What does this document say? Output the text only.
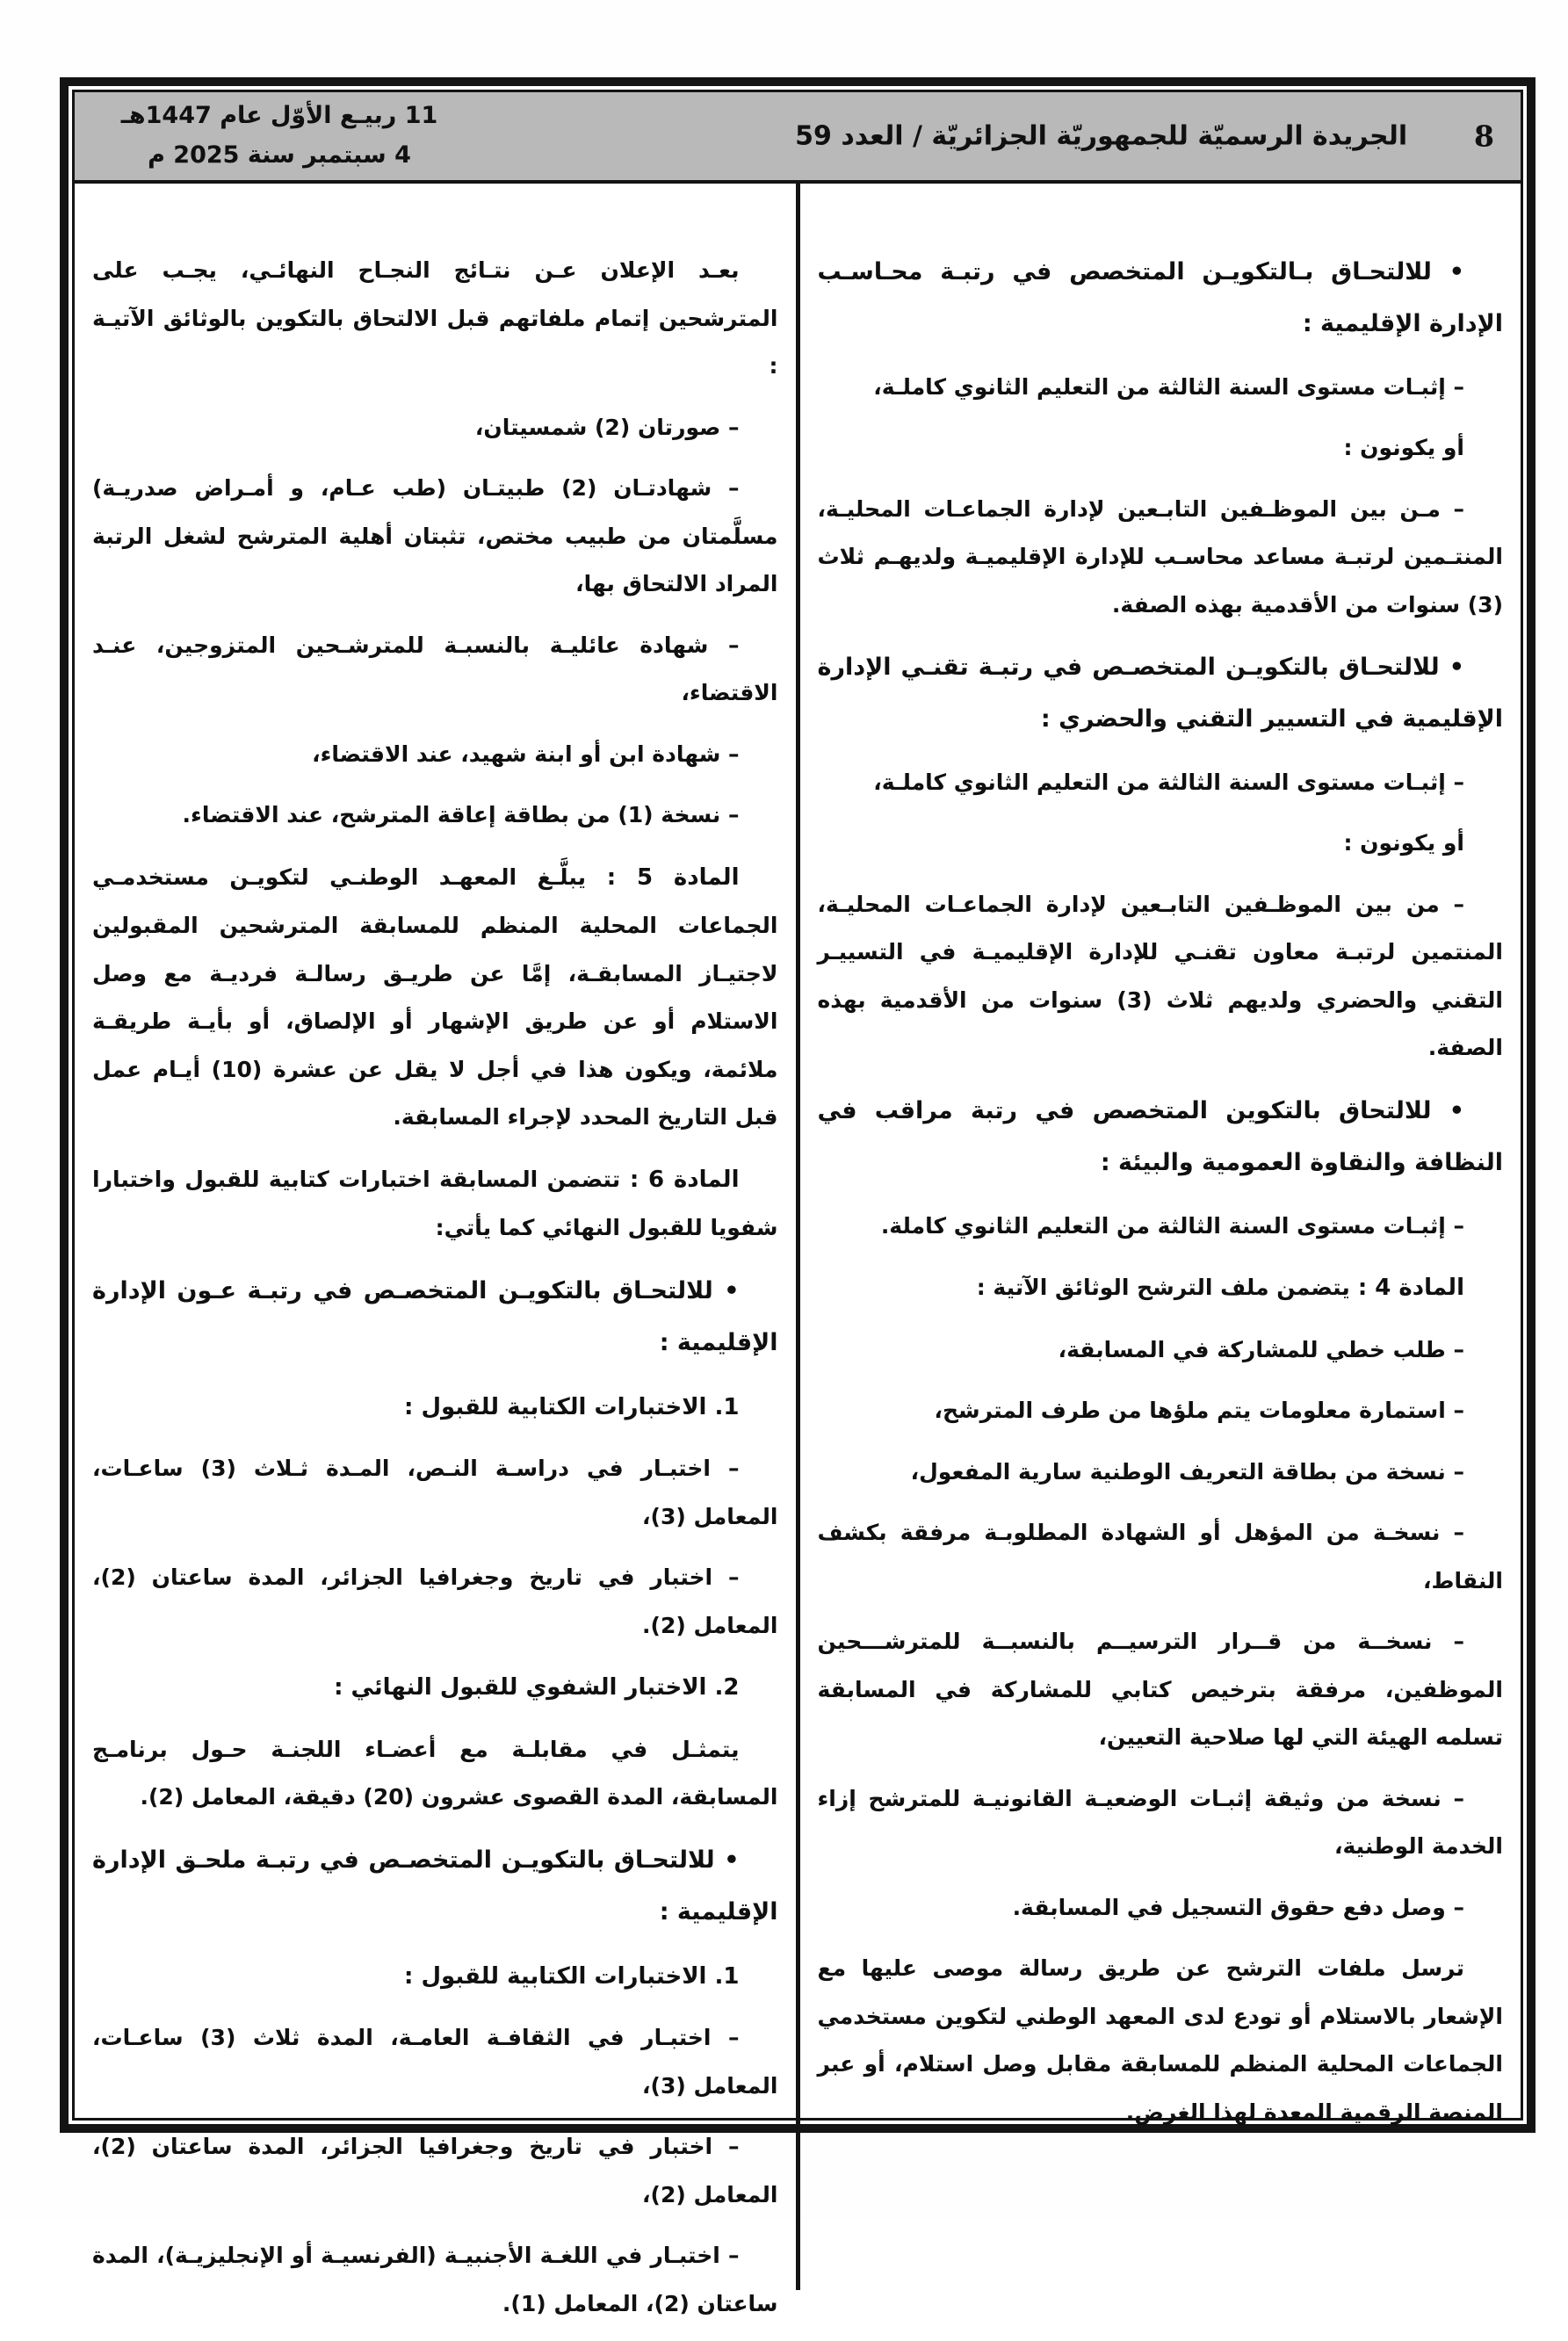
8
الجريدة الرسميّة للجمهوريّة الجزائريّة / العدد 59
11 ربيـع الأوّل عام 1447هـ
4 سبتمبر سنة 2025 م

• للالتحـاق بـالتكويـن المتخصص في رتبـة محـاسـب الإدارة الإقليمية :

– إثبـات مستوى السنة الثالثة من التعليم الثانوي كاملـة،

أو يكونون :

– مـن بين الموظـفين التابـعين لإدارة الجماعـات المحليـة، المنتـمين لرتبـة مساعد محاسـب للإدارة الإقليميـة ولديهـم ثلاث (3) سنوات من الأقدمية بهذه الصفة.

• للالتحـاق بالتكويـن المتخصـص في رتبـة تقنـي الإدارة الإقليمية في التسيير التقني والحضري :

– إثبـات مستوى السنة الثالثة من التعليم الثانوي كاملـة،

أو يكونون :

– من بين الموظـفين التابـعين لإدارة الجماعـات المحليـة، المنتمين لرتبـة معاون تقنـي للإدارة الإقليميـة في التسييـر التقني والحضري ولديهم ثلاث (3) سنوات من الأقدمية بهذه الصفة.

• للالتحاق بالتكوين المتخصص في رتبة مراقب في النظافة والنقاوة العمومية والبيئة :

– إثبـات مستوى السنة الثالثة من التعليم الثانوي كاملة.

المادة 4 : يتضمن ملف الترشح الوثائق الآتية :

– طلب خطي للمشاركة في المسابقة،

– استمارة معلومات يتم ملؤها من طرف المترشح،

– نسخة من بطاقة التعريف الوطنية سارية المفعول،

– نسخـة من المؤهل أو الشهادة المطلوبـة مرفقة بكشف النقاط،

– نسخــة من قــرار الترسيــم بالنسبــة للمترشـــحين الموظفين، مرفقة بترخيص كتابي للمشاركة في المسابقة تسلمه الهيئة التي لها صلاحية التعيين،

– نسخة من وثيقة إثبـات الوضعيـة القانونيـة للمترشح إزاء الخدمة الوطنية،

– وصل دفع حقوق التسجيل في المسابقة.

ترسل ملفات الترشح عن طريق رسالة موصى عليها مع الإشعار بالاستلام أو تودع لدى المعهد الوطني لتكوين مستخدمي الجماعات المحلية المنظم للمسابقة مقابل وصل استلام، أو عبر المنصة الرقمية المعدة لهذا الغرض.

بعـد الإعلان عـن نتـائج النجـاح النهائـي، يجـب على المترشحين إتمام ملفاتهم قبل الالتحاق بالتكوين بالوثائق الآتيـة :

– صورتان (2) شمسيتان،

– شهادتـان (2) طبيتـان (طب عـام، و أمـراض صدريـة) مسلَّمتان من طبيب مختص، تثبتان أهلية المترشح لشغل الرتبة المراد الالتحاق بها،

– شهادة عائليـة بالنسبـة للمترشـحين المتزوجين، عنـد الاقتضاء،

– شهادة ابن أو ابنة شهيد، عند الاقتضاء،

– نسخة (1) من بطاقة إعاقة المترشح، عند الاقتضاء.

المادة 5 : يبلَّـغ المعهـد الوطنـي لتكويـن مستخدمـي الجماعات المحلية المنظم للمسابقة المترشحين المقبولين لاجتيـاز المسابقـة، إمَّا عن طريـق رسالـة فرديـة مع وصل الاستلام أو عن طريق الإشهار أو الإلصاق، أو بأيـة طريقـة ملائمة، ويكون هذا في أجل لا يقل عن عشرة (10) أيـام عمل قبل التاريخ المحدد لإجراء المسابقة.

المادة 6 : تتضمن المسابقة اختبارات كتابية للقبول واختبارا شفويا للقبول النهائي كما يأتي:

• للالتحـاق بالتكويـن المتخصـص في رتبـة عـون الإدارة الإقليمية :

1. الاختبارات الكتابية للقبول :

– اختبـار في دراسـة النـص، المـدة ثـلاث (3) ساعـات، المعامل (3)،

– اختبار في تاريخ وجغرافيا الجزائر، المدة ساعتان (2)، المعامل (2).

2. الاختبار الشفوي للقبول النهائي :

يتمثـل في مقابلـة مع أعضـاء اللجنـة حـول برنامـج المسابقة، المدة القصوى عشرون (20) دقيقة، المعامل (2).

• للالتحـاق بالتكويـن المتخصـص في رتبـة ملحـق الإدارة الإقليمية :

1. الاختبارات الكتابية للقبول :

– اختبـار في الثقافـة العامـة، المدة ثلاث (3) ساعـات، المعامل (3)،

– اختبار في تاريخ وجغرافيا الجزائر، المدة ساعتان (2)، المعامل (2)،

– اختبـار في اللغـة الأجنبيـة (الفرنسيـة أو الإنجليزيـة)، المدة ساعتان (2)، المعامل (1).
